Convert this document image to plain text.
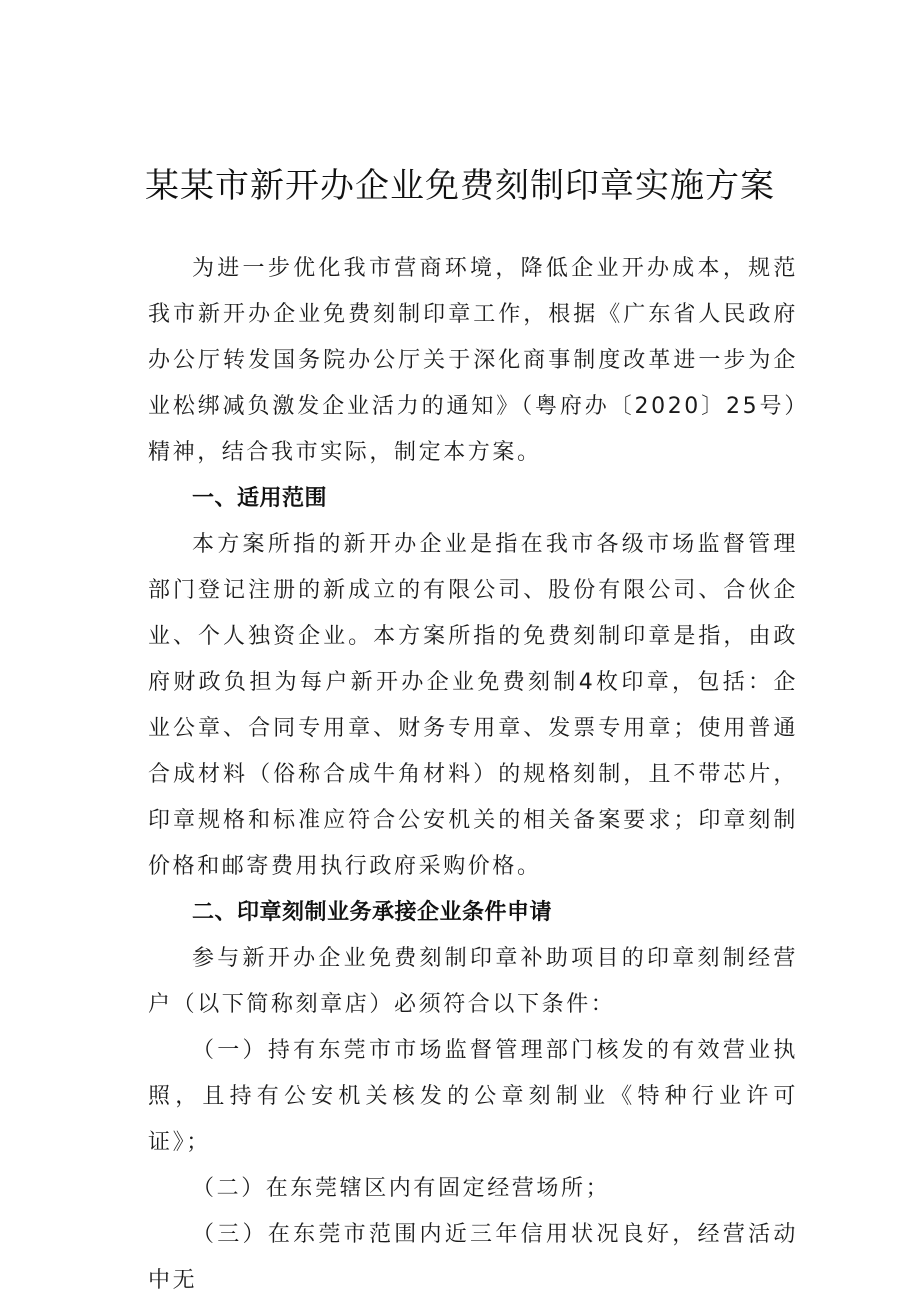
某某市新开办企业免费刻制印章实施方案

为进一步优化我市营商环境，降低企业开办成本，规范我市新开办企业免费刻制印章工作，根据《广东省人民政府办公厅转发国务院办公厅关于深化商事制度改革进一步为企业松绑减负激发企业活力的通知》（粤府办〔2020〕25号）精神，结合我市实际，制定本方案。

一、适用范围

本方案所指的新开办企业是指在我市各级市场监督管理部门登记注册的新成立的有限公司、股份有限公司、合伙企业、个人独资企业。本方案所指的免费刻制印章是指，由政府财政负担为每户新开办企业免费刻制4枚印章，包括：企业公章、合同专用章、财务专用章、发票专用章；使用普通合成材料（俗称合成牛角材料）的规格刻制，且不带芯片，印章规格和标准应符合公安机关的相关备案要求；印章刻制价格和邮寄费用执行政府采购价格。

二、印章刻制业务承接企业条件申请

参与新开办企业免费刻制印章补助项目的印章刻制经营户（以下简称刻章店）必须符合以下条件：

（一）持有东莞市市场监督管理部门核发的有效营业执照，且持有公安机关核发的公章刻制业《特种行业许可证》；

（二）在东莞辖区内有固定经营场所；

（三）在东莞市范围内近三年信用状况良好，经营活动中无
